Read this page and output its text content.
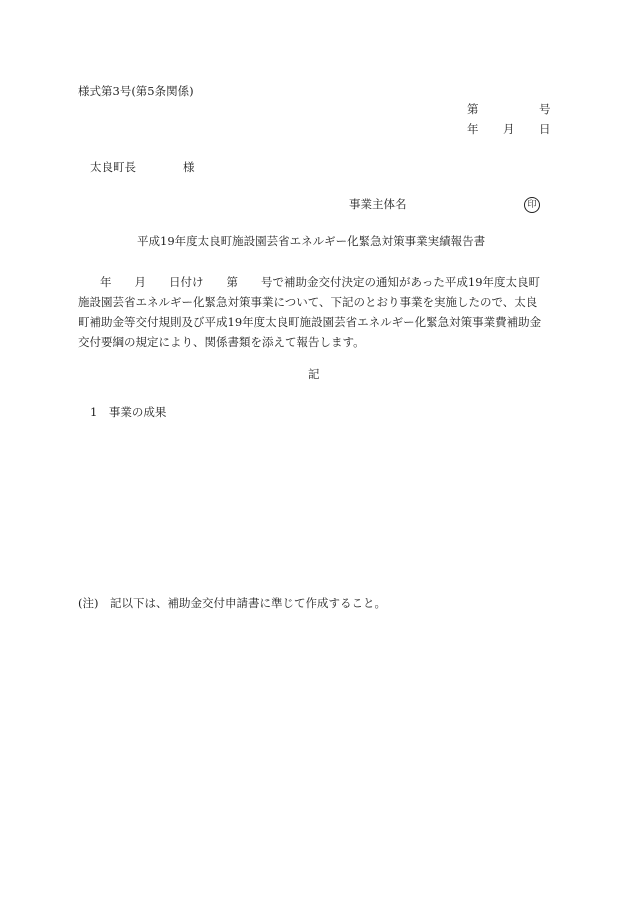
様式第3号(第5条関係)
第	号
年 月 日
太良町長	様
事業主体名	印
平成19年度太良町施設園芸省エネルギー化緊急対策事業実績報告書
年　　月　　日付け　　第　　号で補助金交付決定の通知があった平成19年度太良町
施設園芸省エネルギー化緊急対策事業について、下記のとおり事業を実施したので、太良
町補助金等交付規則及び平成19年度太良町施設園芸省エネルギー化緊急対策事業費補助金
交付要綱の規定により、関係書類を添えて報告します。
記
1　事業の成果
(注)　記以下は、補助金交付申請書に準じて作成すること。
